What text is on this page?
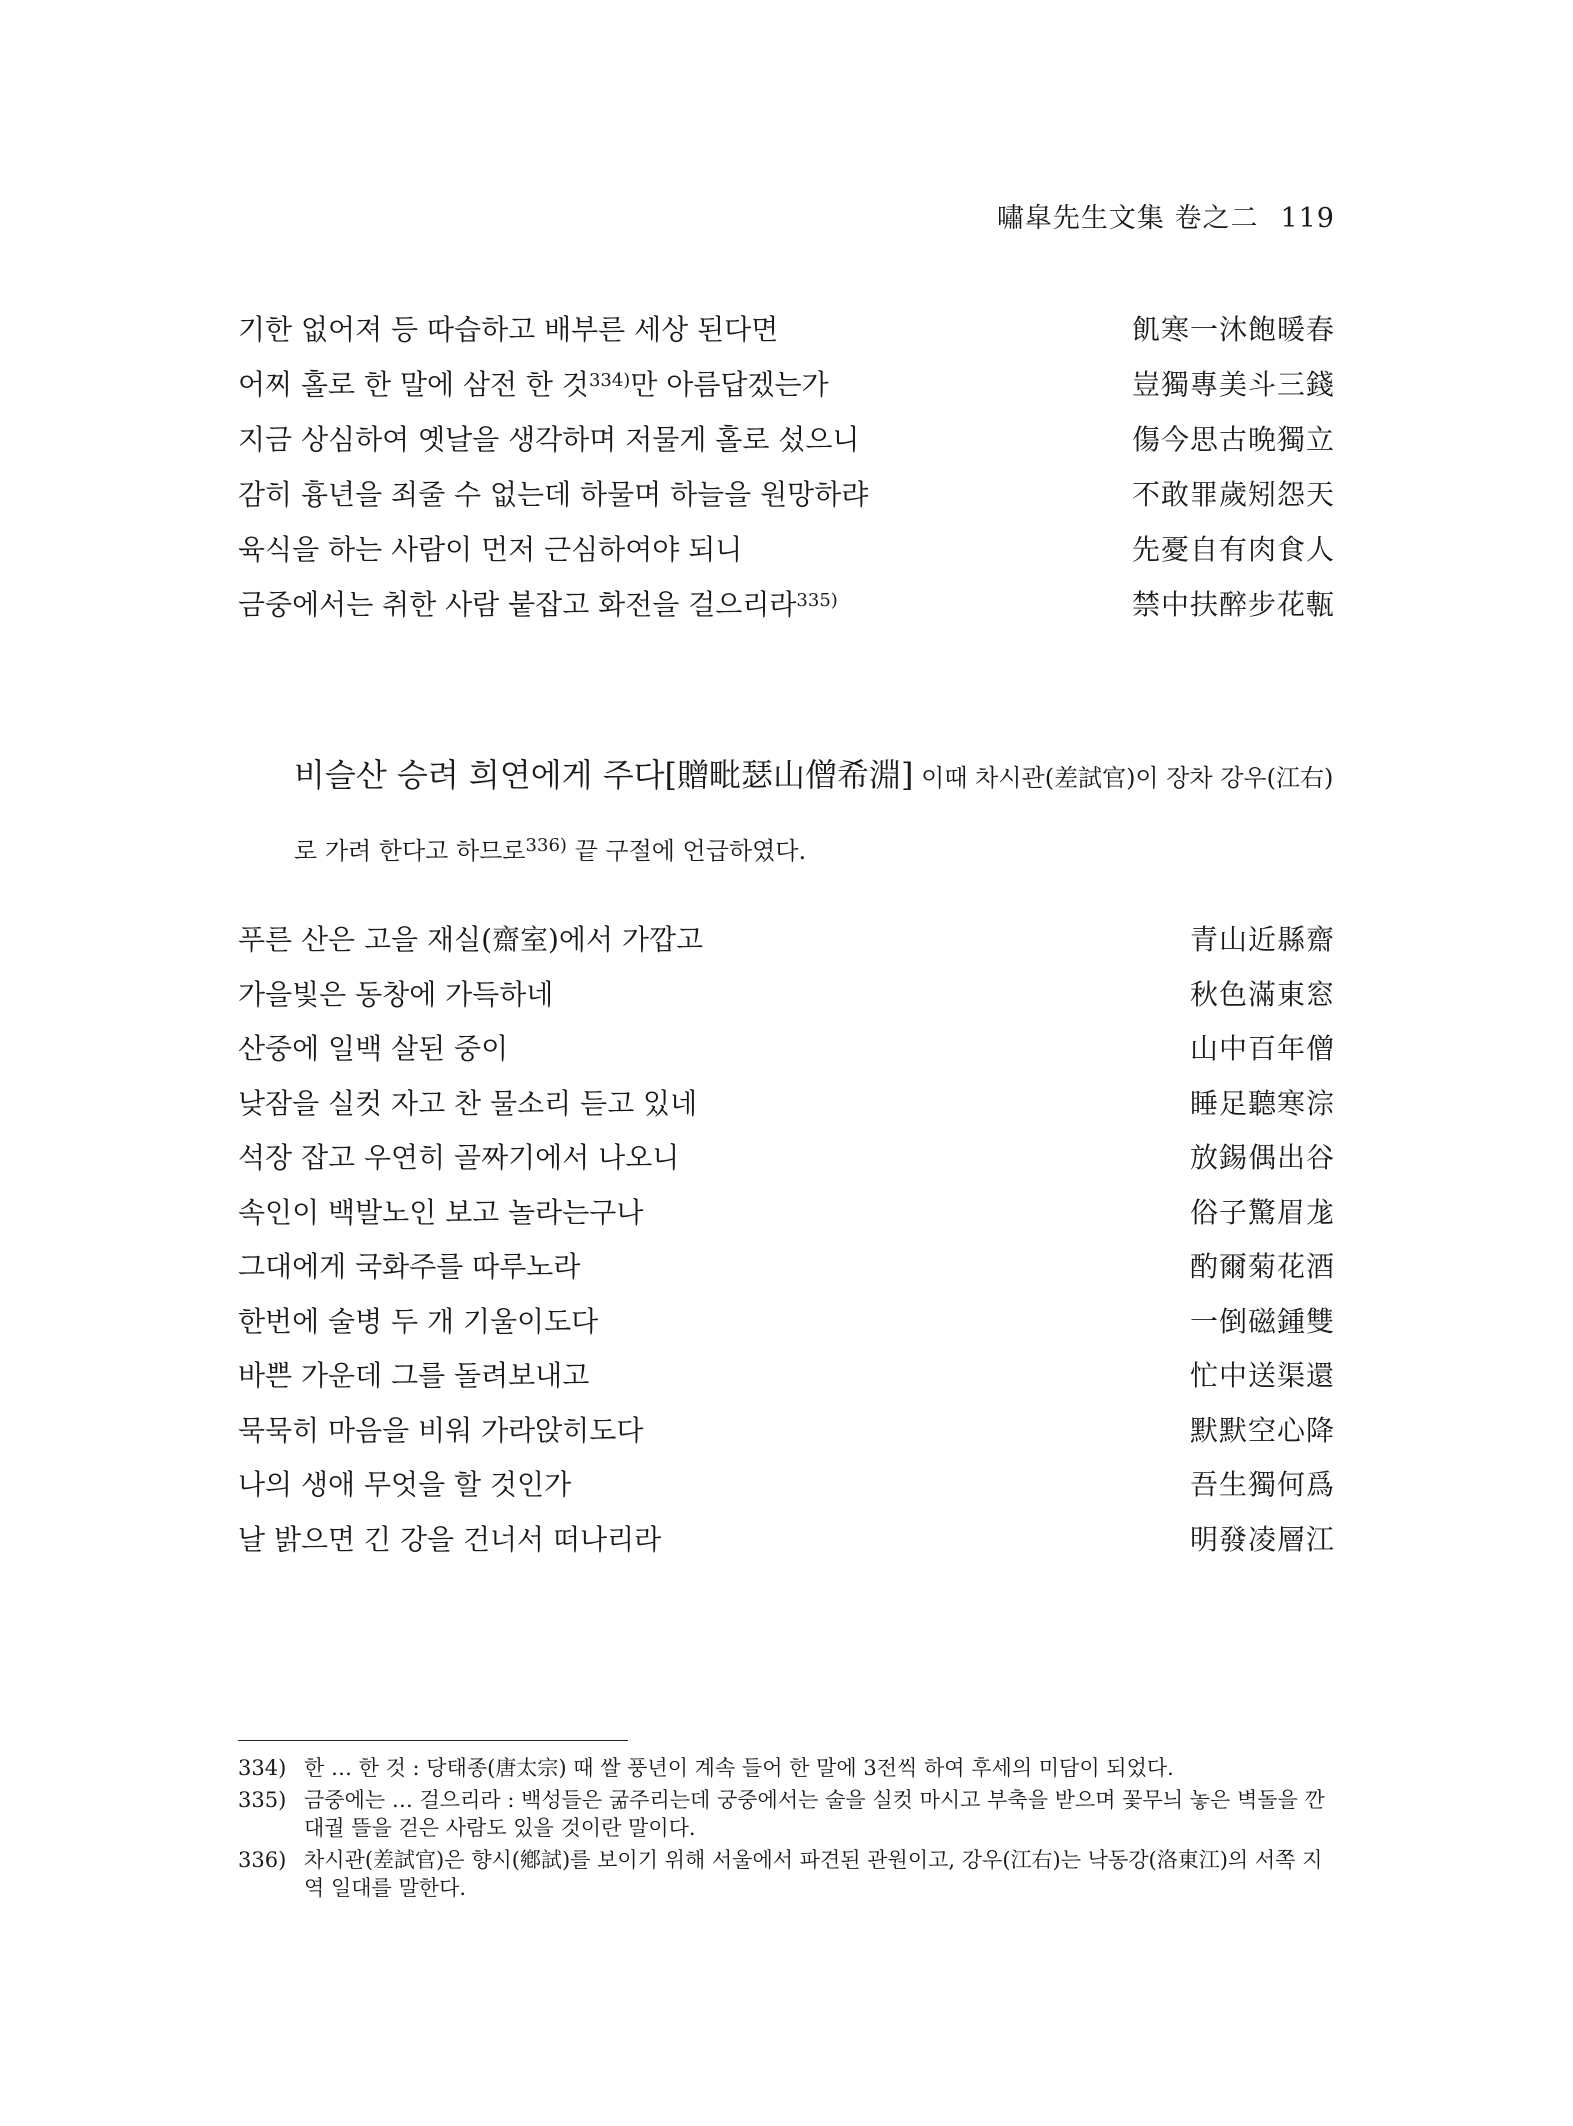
嘯皐先生文集 卷之二 119
기한 없어져 등 따습하고 배부른 세상 된다면	飢寒一沐飽暖春
어찌 홀로 한 말에 삼전 한 것$^{334)}$만 아름답겠는가	豈獨專美斗三錢
지금 상심하여 옛날을 생각하며 저물게 홀로 섰으니	傷今思古晩獨立
감히 흉년을 죄줄 수 없는데 하물며 하늘을 원망하랴	不敢罪歲矧怨天
육식을 하는 사람이 먼저 근심하여야 되니	先憂自有肉食人
금중에서는 취한 사람 붙잡고 화전을 걸으리라$^{335)}$	禁中扶醉步花甎
비슬산 승려 희연에게 주다[贈毗瑟山僧希淵] 이때 차시관(差試官)이 장차 강우(江右)로 가려 한다고 하므로$^{336)}$ 끝 구절에 언급하였다.
푸른 산은 고을 재실(齋室)에서 가깝고	青山近縣齋
가을빛은 동창에 가득하네	秋色滿東窓
산중에 일백 살된 중이	山中百年僧
낮잠을 실컷 자고 찬 물소리 듣고 있네	睡足聽寒淙
석장 잡고 우연히 골짜기에서 나오니	放錫偶出谷
속인이 백발노인 보고 놀라는구나	俗子驚眉尨
그대에게 국화주를 따루노라	酌爾菊花酒
한번에 술병 두 개 기울이도다	一倒磁鍾雙
바쁜 가운데 그를 돌려보내고	忙中送渠還
묵묵히 마음을 비워 가라앉히도다	默默空心降
나의 생애 무엇을 할 것인가	吾生獨何爲
날 밝으면 긴 강을 건너서 떠나리라	明發凌層江
334) 한 … 한 것 : 당태종(唐太宗) 때 쌀 풍년이 계속 들어 한 말에 3전씩 하여 후세의 미담이 되었다.
335) 금중에는 … 걸으리라 : 백성들은 굶주리는데 궁중에서는 술을 실컷 마시고 부축을 받으며 꽃무늬 놓은 벽돌을 깐 대궐 뜰을 걷은 사람도 있을 것이란 말이다.
336) 차시관(差試官)은 향시(鄕試)를 보이기 위해 서울에서 파견된 관원이고, 강우(江右)는 낙동강(洛東江)의 서쪽 지역 일대를 말한다.
